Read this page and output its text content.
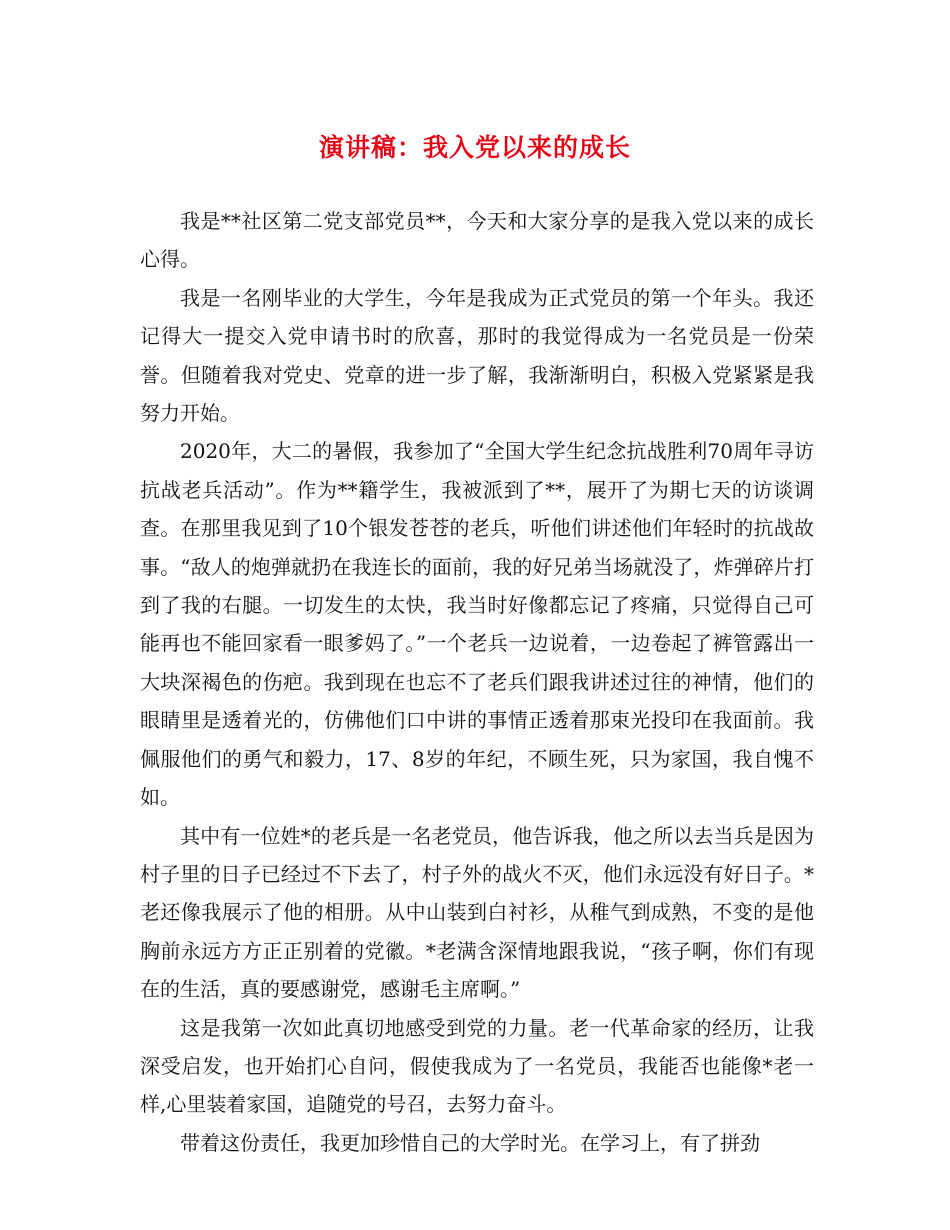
演讲稿：我入党以来的成长

我是**社区第二党支部党员**，今天和大家分享的是我入党以来的成长心得。

我是一名刚毕业的大学生，今年是我成为正式党员的第一个年头。我还记得大一提交入党申请书时的欣喜，那时的我觉得成为一名党员是一份荣誉。但随着我对党史、党章的进一步了解，我渐渐明白，积极入党紧紧是我努力开始。

2020年，大二的暑假，我参加了“全国大学生纪念抗战胜利70周年寻访抗战老兵活动”。作为**籍学生，我被派到了**，展开了为期七天的访谈调查。在那里我见到了10个银发苍苍的老兵，听他们讲述他们年轻时的抗战故事。“敌人的炮弹就扔在我连长的面前，我的好兄弟当场就没了，炸弹碎片打到了我的右腿。一切发生的太快，我当时好像都忘记了疼痛，只觉得自己可能再也不能回家看一眼爹妈了。”一个老兵一边说着，一边卷起了裤管露出一大块深褐色的伤疤。我到现在也忘不了老兵们跟我讲述过往的神情，他们的眼睛里是透着光的，仿佛他们口中讲的事情正透着那束光投印在我面前。我佩服他们的勇气和毅力，17、8岁的年纪，不顾生死，只为家国，我自愧不如。

其中有一位姓*的老兵是一名老党员，他告诉我，他之所以去当兵是因为村子里的日子已经过不下去了，村子外的战火不灭，他们永远没有好日子。*老还像我展示了他的相册。从中山装到白衬衫，从稚气到成熟，不变的是他胸前永远方方正正别着的党徽。*老满含深情地跟我说，“孩子啊，你们有现在的生活，真的要感谢党，感谢毛主席啊。”

这是我第一次如此真切地感受到党的力量。老一代革命家的经历，让我深受启发，也开始扪心自问，假使我成为了一名党员，我能否也能像*老一样,心里装着家国，追随党的号召，去努力奋斗。

带着这份责任，我更加珍惜自己的大学时光。在学习上，有了拼劲
